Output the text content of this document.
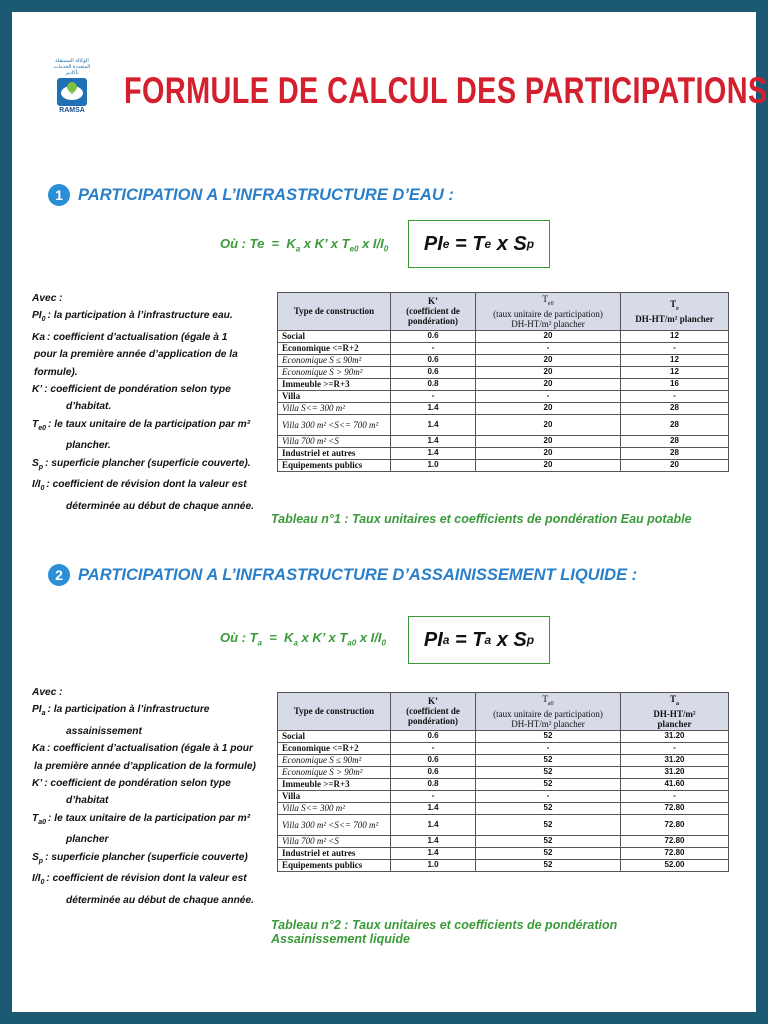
الوكالة المستقلة
المتعددة الخدمات بأكادير
RAMSA FORMULE DE CALCUL DES PARTICIPATIONS
1 PARTICIPATION A L’INFRASTRUCTURE D’EAU :
Où : $Te = K_a$ x K’ x $T_{e0}$ x $I/I_0$ PI e
= T e
x S p
Avec :
$PI_0$ : la participation à l’infrastructure eau.
Ka : coefficient d’actualisation (égale à 1
pour la première année d’application de la
formule).
K’ : coefficient de pondération selon type
d’habitat.
$T_{e0}$ : le taux unitaire de la participation par m²
plancher.
$S_p$ : superficie plancher (superficie couverte).
$I/I_0$ : coefficient de révision dont la valeur est
déterminée au début de chaque année.
Type de construction	K’
(coefficient de
pondération)	$T_{e0}$
(taux unitaire de participation)
DH-HT/m² plancher	$T_e$
DH-HT/m² plancher
Social	0.6	20	12
Economique <=R+2	-	-	-
Economique S ≤ 90m²	0.6	20	12
Economique S > 90m²	0.6	20	12
Immeuble >=R+3	0.8	20	16
Villa	-	-	-
Villa S<= 300 m²	1.4	20	28
Villa 300 m² <S<= 700 m²	1.4	20	28
Villa 700 m² <S	1.4	20	28
Industriel et autres	1.4	20	28
Equipements publics	1.0	20	20
Tableau n°1 : Taux unitaires et coefficients de pondération Eau potable
2 PARTICIPATION A L’INFRASTRUCTURE D’ASSAINISSEMENT LIQUIDE :
Où : $T_a = K_a$ x K’ x $T_{a0}$ x $I/I_0$ PI a
= T a
x S p
Avec :
$PI_a$ : la participation à l’infrastructure
assainissement
Ka : coefficient d’actualisation (égale à 1 pour
la première année d’application de la formule)
K’ : coefficient de pondération selon type
d’habitat
$T_{a0}$ : le taux unitaire de la participation par m²
plancher
$S_p$ : superficie plancher (superficie couverte)
$I/I_0$ : coefficient de révision dont la valeur est
déterminée au début de chaque année.
Type de construction	K’
(coefficient de
pondération)	$T_{a0}$
(taux unitaire de participation)
DH-HT/m² plancher	$T_a$
DH-HT/m²
plancher
Social	0.6	52	31.20
Economique <=R+2	-	-	-
Economique S ≤ 90m²	0.6	52	31.20
Economique S > 90m²	0.6	52	31.20
Immeuble >=R+3	0.8	52	41.60
Villa	-	-	-
Villa S<= 300 m²	1.4	52	72.80
Villa 300 m² <S<= 700 m²	1.4	52	72.80
Villa 700 m² <S	1.4	52	72.80
Industriel et autres	1.4	52	72.80
Equipements publics	1.0	52	52.00
Tableau n°2 : Taux unitaires et coefficients de pondération
Assainissement liquide
